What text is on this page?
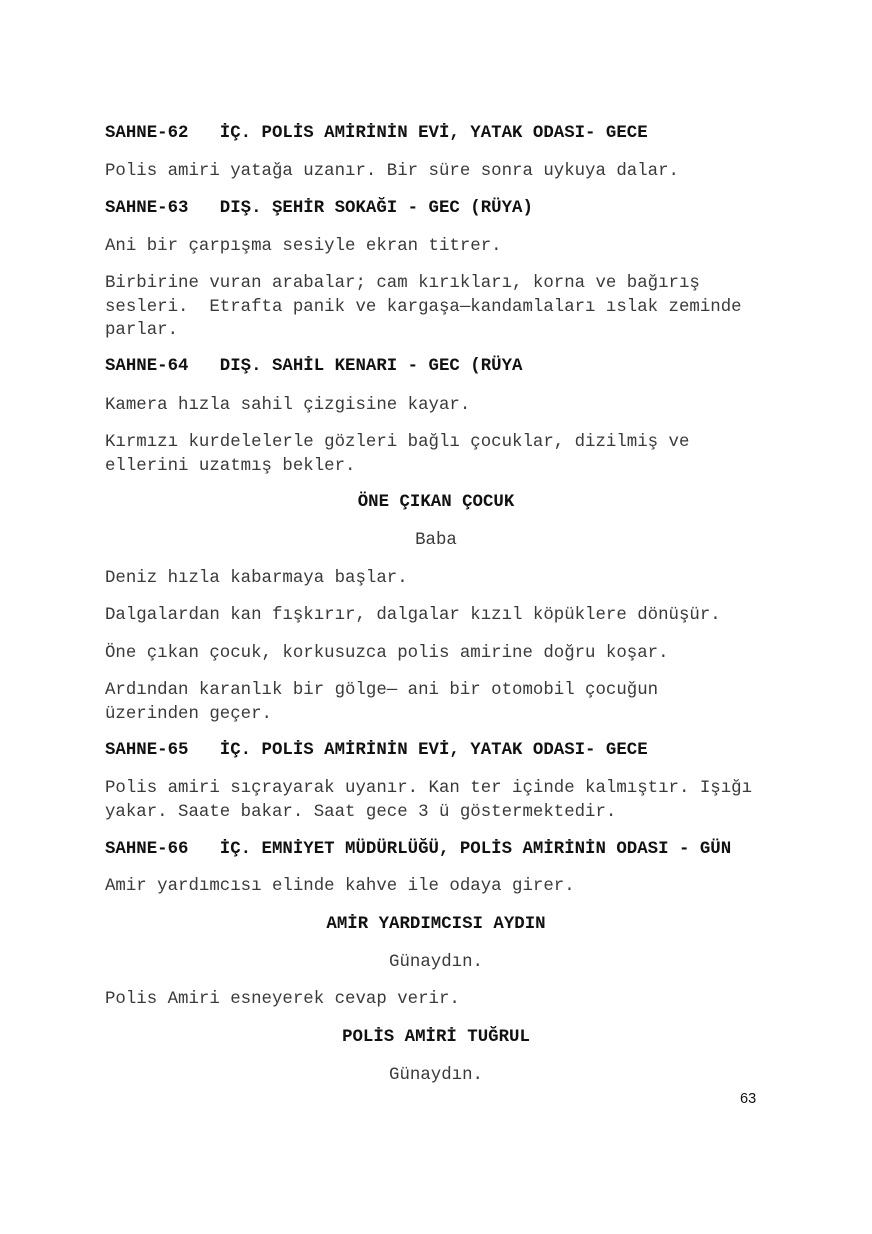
SAHNE-62   İÇ. POLİS AMİRİNİN EVİ, YATAK ODASI- GECE
Polis amiri yatağa uzanır. Bir süre sonra uykuya dalar.
SAHNE-63   DIŞ. ŞEHİR SOKAĞI - GEC (RÜYA)
Ani bir çarpışma sesiyle ekran titrer.
Birbirine vuran arabalar; cam kırıkları, korna ve bağırış
sesleri.  Etrafta panik ve kargaşa—kandamlaları ıslak zeminde
parlar.
SAHNE-64   DIŞ. SAHİL KENARI - GEC (RÜYA
Kamera hızla sahil çizgisine kayar.
Kırmızı kurdelelerle gözleri bağlı çocuklar, dizilmiş ve
ellerini uzatmış bekler.
ÖNE ÇIKAN ÇOCUK
Baba
Deniz hızla kabarmaya başlar.
Dalgalardan kan fışkırır, dalgalar kızıl köpüklere dönüşür.
Öne çıkan çocuk, korkusuzca polis amirine doğru koşar.
Ardından karanlık bir gölge— ani bir otomobil çocuğun
üzerinden geçer.
SAHNE-65   İÇ. POLİS AMİRİNİN EVİ, YATAK ODASI- GECE
Polis amiri sıçrayarak uyanır. Kan ter içinde kalmıştır. Işığı
yakar. Saate bakar. Saat gece 3 ü göstermektedir.
SAHNE-66   İÇ. EMNİYET MÜDÜRLÜĞÜ, POLİS AMİRİNİN ODASI - GÜN
Amir yardımcısı elinde kahve ile odaya girer.
AMİR YARDIMCISI AYDIN
Günaydın.
Polis Amiri esneyerek cevap verir.
POLİS AMİRİ TUĞRUL
Günaydın.
63
